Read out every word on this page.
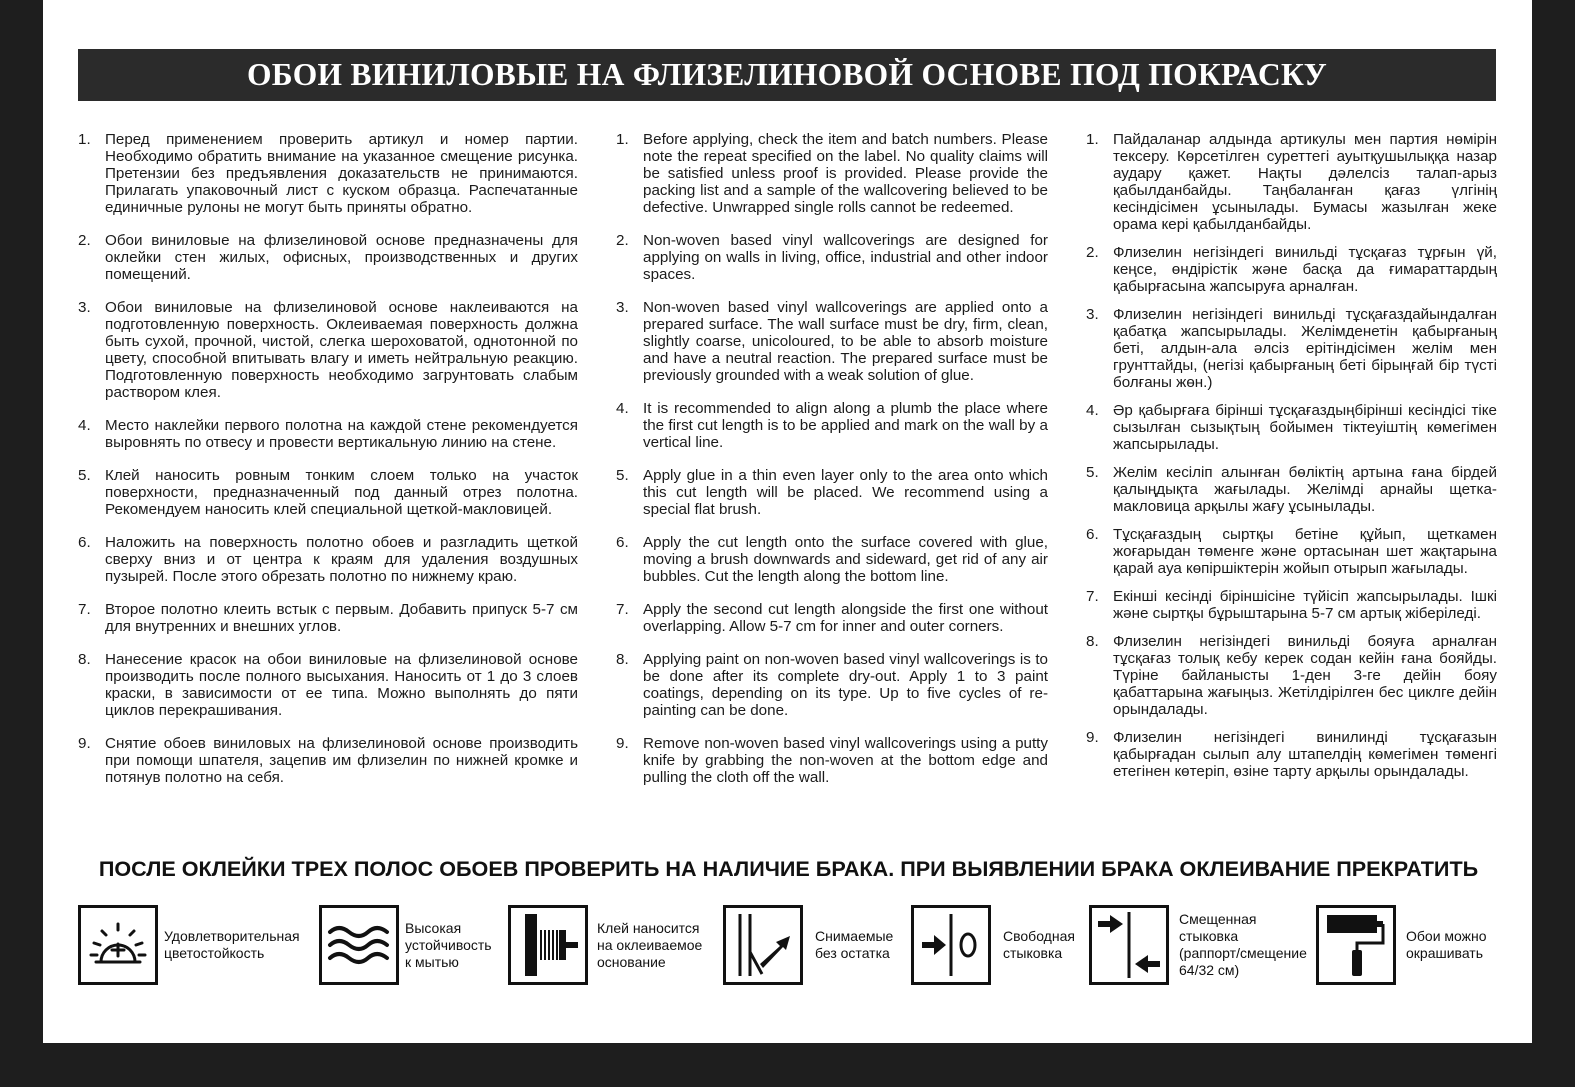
ОБОИ ВИНИЛОВЫЕ НА ФЛИЗЕЛИНОВОЙ ОСНОВЕ ПОД ПОКРАСКУ
1. Перед применением проверить артикул и номер партии. Необходимо обратить внимание на указанное смещение рисунка. Претензии без предъявления доказательств не принимаются. Прилагать упаковочный лист с куском образца. Распечатанные единичные рулоны не могут быть приняты обратно.
2. Обои виниловые на флизелиновой основе предназначены для оклейки стен жилых, офисных, производственных и других помещений.
3. Обои виниловые на флизелиновой основе наклеиваются на подготовленную поверхность. Оклеиваемая поверхность должна быть сухой, прочной, чистой, слегка шероховатой, однотонной по цвету, способной впитывать влагу и иметь нейтральную реакцию. Подготовленную поверхность необходимо загрунтовать слабым раствором клея.
4. Место наклейки первого полотна на каждой стене рекомендуется выровнять по отвесу и провести вертикальную линию на стене.
5. Клей наносить ровным тонким слоем только на участок поверхности, предназначенный под данный отрез полотна. Рекомендуем наносить клей специальной щеткой-макловицей.
6. Наложить на поверхность полотно обоев и разгладить щеткой сверху вниз и от центра к краям для удаления воздушных пузырей. После этого обрезать полотно по нижнему краю.
7. Второе полотно клеить встык с первым. Добавить припуск 5-7 см для внутренних и внешних углов.
8. Нанесение красок на обои виниловые на флизелиновой основе производить после полного высыхания. Наносить от 1 до 3 слоев краски, в зависимости от ее типа. Можно выполнять до пяти циклов перекрашивания.
9. Снятие обоев виниловых на флизелиновой основе производить при помощи шпателя, зацепив им флизелин по нижней кромке и потянув полотно на себя.
1. Before applying, check the item and batch numbers. Please note the repeat specified on the label. No quality claims will be satisfied unless proof is provided. Please provide the packing list and a sample of the wallcovering believed to be defective. Unwrapped single rolls cannot be redeemed.
2. Non-woven based vinyl wallcoverings are designed for applying on walls in living, office, industrial and other indoor spaces.
3. Non-woven based vinyl wallcoverings are applied onto a prepared surface. The wall surface must be dry, firm, clean, slightly coarse, unicoloured, to be able to absorb moisture and have a neutral reaction. The prepared surface must be previously grounded with a weak solution of glue.
4. It is recommended to align along a plumb the place where the first cut length is to be applied and mark on the wall by a vertical line.
5. Apply glue in a thin even layer only to the area onto which this cut length will be placed. We recommend using a special flat brush.
6. Apply the cut length onto the surface covered with glue, moving a brush downwards and sideward, get rid of any air bubbles. Cut the length along the bottom line.
7. Apply the second cut length alongside the first one without overlapping. Allow 5-7 cm for inner and outer corners.
8. Applying paint on non-woven based vinyl wallcoverings is to be done after its complete dry-out. Apply 1 to 3 paint coatings, depending on its type. Up to five cycles of re-painting can be done.
9. Remove non-woven based vinyl wallcoverings using a putty knife by grabbing the non-woven at the bottom edge and pulling the cloth off the wall.
1. Пайдаланар алдында артикулы мен партия нөмірін тексеру. Көрсетілген суреттегі ауытқушылыққа назар аудару қажет. Нақты дәлелсіз талап-арыз қабылданбайды. Таңбаланған қағаз үлгінің кесіндісімен ұсынылады. Бумасы жазылған жеке орама кері қабылданбайды.
2. Флизелин негізіндегі винильді тұсқағаз тұрғын үй, кеңсе, өндірістік және басқа да ғимараттардың қабырғасына жапсыруға арналған.
3. Флизелин негізіндегі винильді тұсқағаздайындалған қабатқа жапсырылады. Желімденетін қабырғаның беті, алдын-ала әлсіз ерітіндісімен желім мен грунттайды, (негізі қабырғаның беті бірыңғай бір түсті болғаны жөн.)
4. Әр қабырғаға бірінші тұсқағаздыңбірінші кесіндісі тіке сызылған сызықтың бойымен тіктеуіштің көмегімен жапсырылады.
5. Желім кесіліп алынған бөліктің артына ғана бірдей қалыңдықта жағылады. Желімді арнайы щетка-макловица арқылы жағу ұсынылады.
6. Тұсқағаздың сыртқы бетіне құйып, щеткамен жоғарыдан төменге және ортасынан шет жақтарына қарай ауа көпіршіктерін жойып отырып жағылады.
7. Екінші кесінді біріншісіне түйісіп жапсырылады. Ішкі және сыртқы бұрыштарына 5-7 см артық жіберіледі.
8. Флизелин негізіндегі винильді бояуға арналған тұсқағаз толық кебу керек содан кейін ғана бояйды. Түріне байланысты 1-ден 3-ге дейін бояу қабаттарына жағыңыз. Жетілдірілген бес циклге дейін орындалады.
9. Флизелин негізіндегі винилинді тұсқағазын қабырғадан сылып алу штапелдің көмегімен төменгі етегінен көтеріп, өзіне тарту арқылы орындалады.
ПОСЛЕ ОКЛЕЙКИ ТРЕХ ПОЛОС ОБОЕВ ПРОВЕРИТЬ НА НАЛИЧИЕ БРАКА. ПРИ ВЫЯВЛЕНИИ БРАКА ОКЛЕИВАНИЕ ПРЕКРАТИТЬ
Удовлетворительная
цветостойкость
Высокая
устойчивость
к мытью
Клей наносится
на оклеиваемое
основание
Снимаемые
без остатка
Свободная
стыковка
Смещенная
стыковка
(раппорт/смещение
64/32 см)
Обои можно
окрашивать
